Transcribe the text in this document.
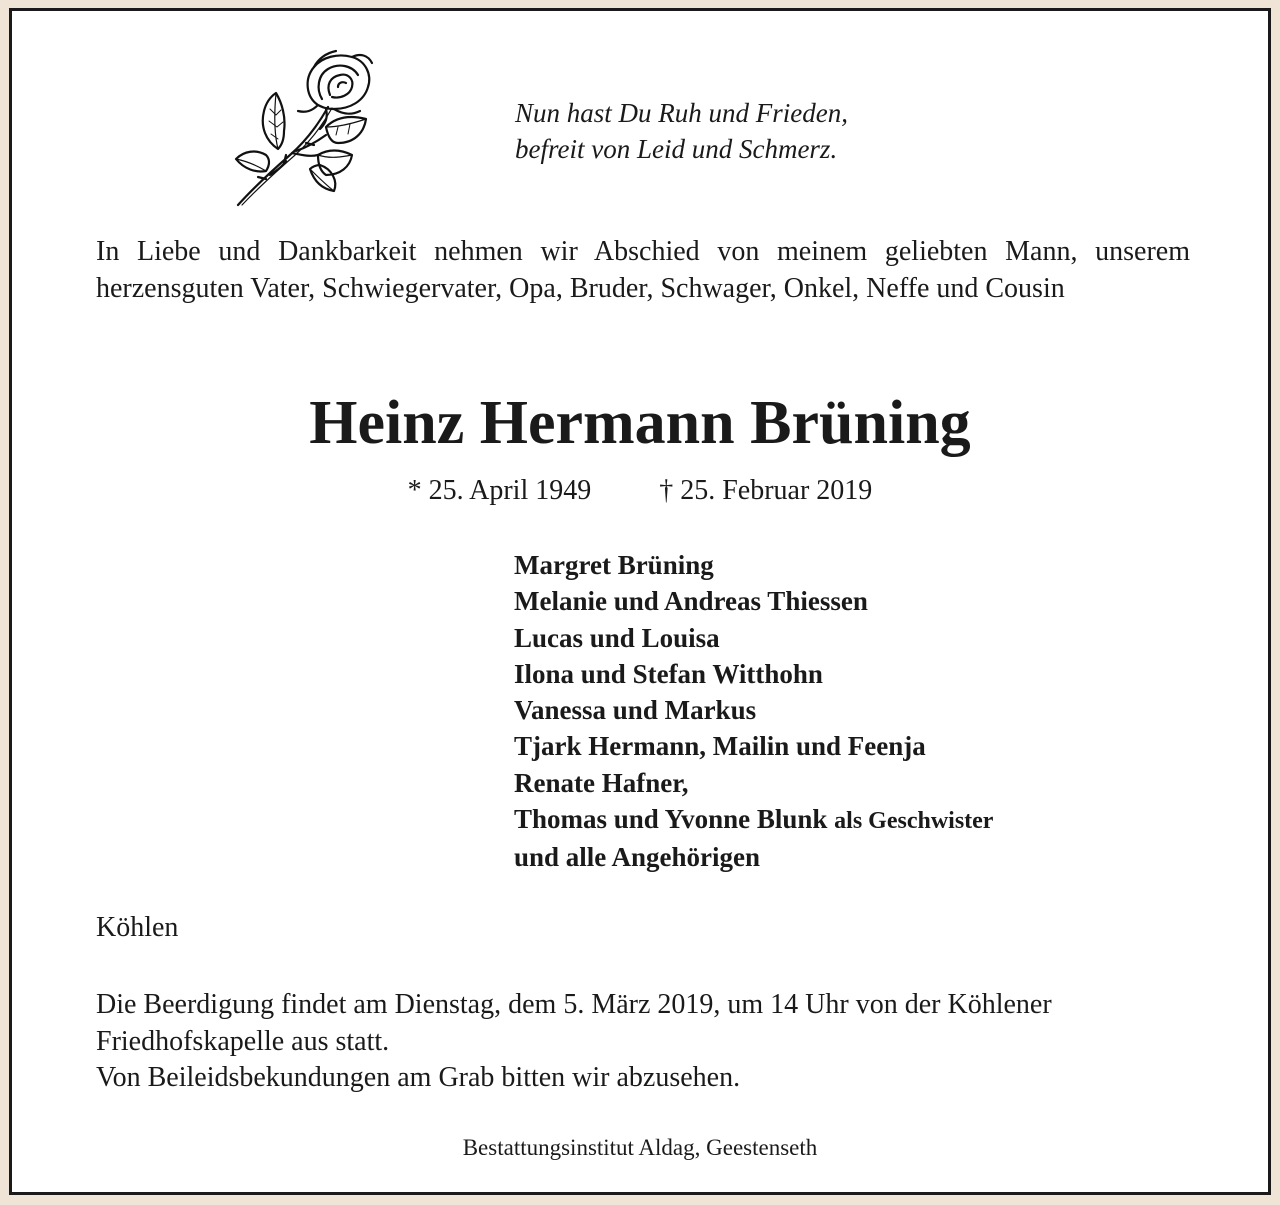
Nun hast Du Ruh und Frieden,
befreit von Leid und Schmerz.
In Liebe und Dankbarkeit nehmen wir Abschied von meinem geliebten Mann, unserem herzensguten Vater, Schwiegervater, Opa, Bruder, Schwager, Onkel, Neffe und Cousin
Heinz Hermann Brüning
* 25. April 1949 † 25. Februar 2019
Margret Brüning
Melanie und Andreas Thiessen
Lucas und Louisa
Ilona und Stefan Witthohn
Vanessa und Markus
Tjark Hermann, Mailin und Feenja
Renate Hafner,
Thomas und Yvonne Blunk als Geschwister
und alle Angehörigen
Köhlen

Die Beerdigung findet am Dienstag, dem 5. März 2019, um 14 Uhr von der Köhlener Friedhofskapelle aus statt.

Von Beileidsbekundungen am Grab bitten wir abzusehen.

Bestattungsinstitut Aldag, Geestenseth
